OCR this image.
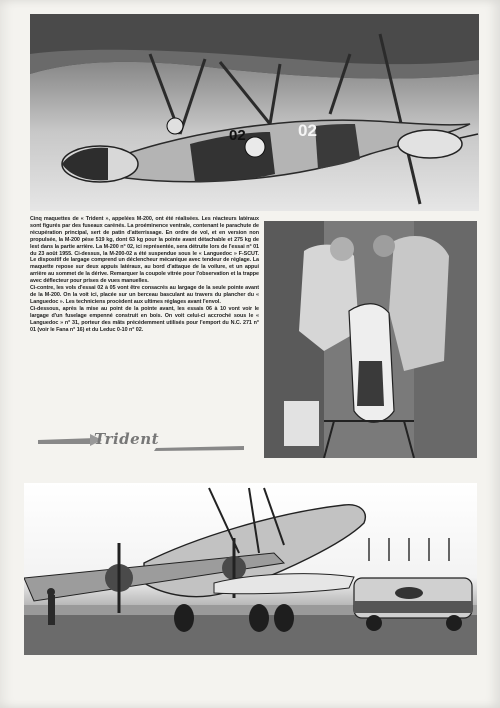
02	02

Cinq maquettes de « Trident », appelées M-200, ont été réalisées. Les réacteurs latéraux sont figurés par des fuseaux carénés. La proéminence ventrale, contenant le parachute de récupération principal, sert de patin d'atterrissage. En ordre de vol, et en version non propulsée, la M-200 pèse 519 kg, dont 63 kg pour la pointe avant détachable et 275 kg de lest dans la partie arrière. La M-200 n° 02, ici représentée, sera détruite lors de l'essai n° 01 du 23 août 1955. Ci-dessus, la M-200-02 a été suspendue sous le « Languedoc » F-SCUT. Le dispositif de largage comprend un déclencheur mécanique avec tendeur de réglage. La maquette repose sur deux appuis latéraux, au bord d'attaque de la voilure, et un appui arrière au sommet de la dérive. Remarquer la coupole vitrée pour l'observation et la trappe avec déflecteur pour prises de vues manuelles.

Ci-contre, les vols d'essai 02 à 05 vont être consacrés au largage de la seule pointe avant de la M-200. On la voit ici, placée sur un berceau basculant au travers du plancher du « Languedoc ». Les techniciens procèdent aux ultimes réglages avant l'envol.

Ci-dessous, après la mise au point de la pointe avant, les essais 06 à 10 vont voir le largage d'un fuselage empenné construit en bois. On voit celui-ci accroché sous le « Languedoc » n° 31, porteur des mâts précédemment utilisés pour l'emport du N.C. 271 n° 01 (voir le Fana n° 16) et du Leduc 0-10 n° 02.

Trident
